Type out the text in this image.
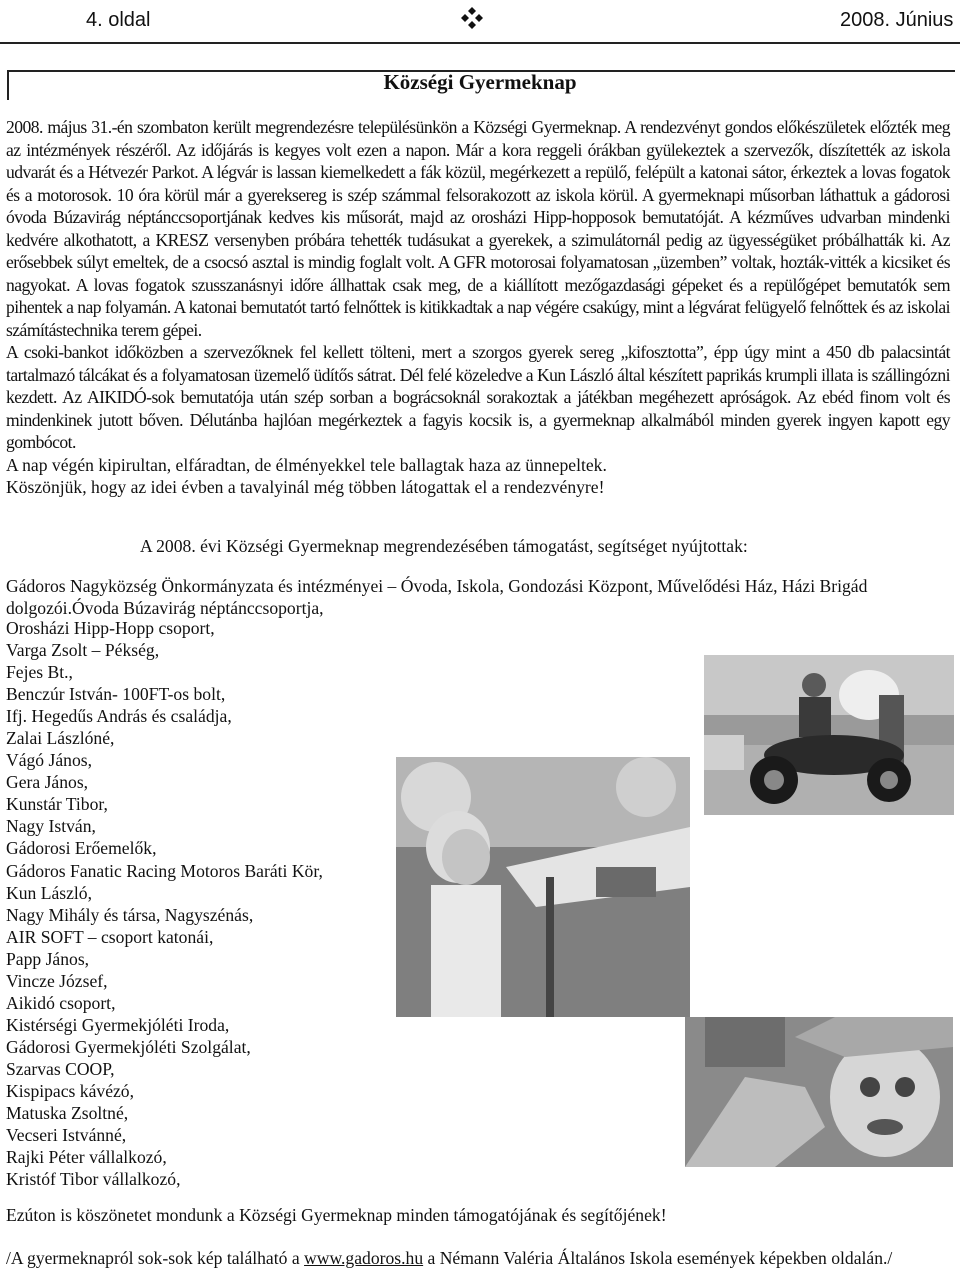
4. oldal	2008. Június
Községi Gyermeknap

2008. május 31.-én szombaton került megrendezésre településünkön a Községi Gyermeknap. A rendezvényt gondos előkészületek előzték meg az intézmények részéről. Az időjárás is kegyes volt ezen a napon. Már a kora reggeli órákban gyülekeztek a szervezők, díszítették az iskola udvarát és a Hétvezér Parkot. A légvár is lassan kiemelkedett a fák közül, megérkezett a repülő, felépült a katonai sátor, érkeztek a lovas fogatok és a motorosok. 10 óra körül már a gyereksereg is szép számmal felsorakozott az iskola körül. A gyermeknapi műsorban láthattuk a gádorosi óvoda Búzavirág néptánccsoportjának kedves kis műsorát, majd az orosházi Hipp-hopposok bemutatóját. A kézműves udvarban mindenki kedvére alkothatott, a KRESZ versenyben próbára tehették tudásukat a gyerekek, a szimulátornál pedig az ügyességüket próbálhatták ki. Az erősebbek súlyt emeltek, de a csocsó asztal is mindig foglalt volt. A GFR motorosai folyamatosan „üzemben” voltak, hozták-vitték a kicsiket és nagyokat. A lovas fogatok szusszanásnyi időre állhattak csak meg, de a kiállított mezőgazdasági gépeket és a repülőgépet bemutatók sem pihentek a nap folyamán. A katonai bemutatót tartó felnőttek is kitikkadtak a nap végére csakúgy, mint a légvárat felügyelő felnőttek és az iskolai számítástechnika terem gépei.

A csoki-bankot időközben a szervezőknek fel kellett tölteni, mert a szorgos gyerek sereg „kifosztotta”, épp úgy mint a 450 db palacsintát tartalmazó tálcákat és a folyamatosan üzemelő üdítős sátrat. Dél felé közeledve a Kun László által készített paprikás krumpli illata is szállingózni kezdett. Az AIKIDÓ-sok bemutatója után szép sorban a bográcsoknál sorakoztak a játékban megéhezett apróságok. Az ebéd finom volt és mindenkinek jutott bőven. Délutánba hajlóan megérkeztek a fagyis kocsik is, a gyermeknap alkalmából minden gyerek ingyen kapott egy gombócot.

A nap végén kipirultan, elfáradtan, de élményekkel tele ballagtak haza az ünnepeltek.

Köszönjük, hogy az idei évben a tavalyinál még többen látogattak el a rendezvényre!

A 2008. évi Községi Gyermeknap megrendezésében támogatást, segítséget nyújtottak:
Gádoros Nagyközség Önkormányzata és intézményei – Óvoda, Iskola, Gondozási Központ, Művelődési Ház, Házi Brigád dolgozói.Óvoda Búzavirág néptánccsoportja,
Orosházi Hipp-Hopp csoport,
Varga Zsolt – Pékség,
Fejes Bt.,
Benczúr István- 100FT-os bolt,
Ifj. Hegedűs András és családja,
Zalai Lászlóné,
Vágó János,
Gera János,
Kunstár Tibor,
Nagy István,
Gádorosi Erőemelők,
Gádoros Fanatic Racing Motoros Baráti Kör,
Kun László,
Nagy Mihály és társa, Nagyszénás,
AIR SOFT – csoport katonái,
Papp János,
Vincze József,
Aikidó csoport,
Kistérségi Gyermekjóléti Iroda,
Gádorosi Gyermekjóléti Szolgálat,
Szarvas COOP,
Kispipacs kávézó,
Matuska Zsoltné,
Vecseri Istvánné,
Rajki Péter vállalkozó,
Kristóf Tibor vállalkozó,
Ezúton is köszönetet mondunk a Községi Gyermeknap minden támogatójának és segítőjének!
/A gyermeknapról sok-sok kép található a www.gadoros.hu a Némann Valéria Általános Iskola események képekben oldalán./
